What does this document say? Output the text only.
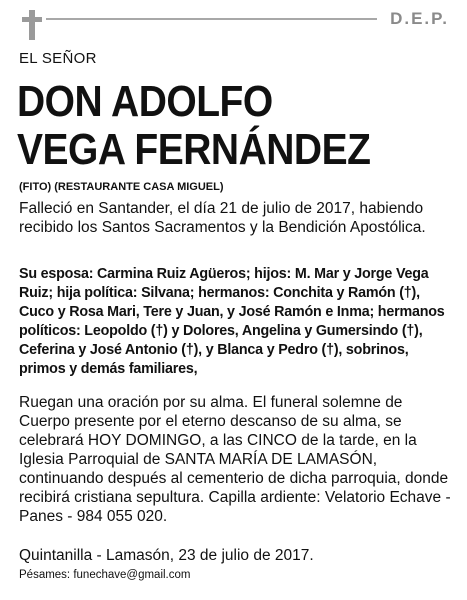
D.E.P.
EL SEÑOR
DON ADOLFO
VEGA FERNÁNDEZ
(FITO) (RESTAURANTE CASA MIGUEL)
Falleció en Santander, el día 21 de julio de 2017, habiendo recibido los Santos Sacramentos y la Bendición Apostólica.
Su esposa: Carmina Ruiz Agüeros; hijos: M. Mar y Jorge Vega Ruiz; hija política: Silvana; hermanos: Conchita y Ramón (†), Cuco y Rosa Mari, Tere y Juan, y José Ramón e Inma; hermanos políticos: Leopoldo (†) y Dolores, Angelina y Gumersindo (†), Ceferina y José Antonio (†), y Blanca y Pedro (†), sobrinos, primos y demás familiares,
Ruegan una oración por su alma. El funeral solemne de Cuerpo presente por el eterno descanso de su alma, se celebrará HOY DOMINGO, a las CINCO de la tarde, en la Iglesia Parroquial de SANTA MARÍA DE LAMASÓN, continuando después al cementerio de dicha parroquia, donde recibirá cristiana sepultura. Capilla ardiente: Velatorio Echave - Panes - 984 055 020.
Quintanilla - Lamasón, 23 de julio de 2017.
Pésames: funechave@gmail.com
